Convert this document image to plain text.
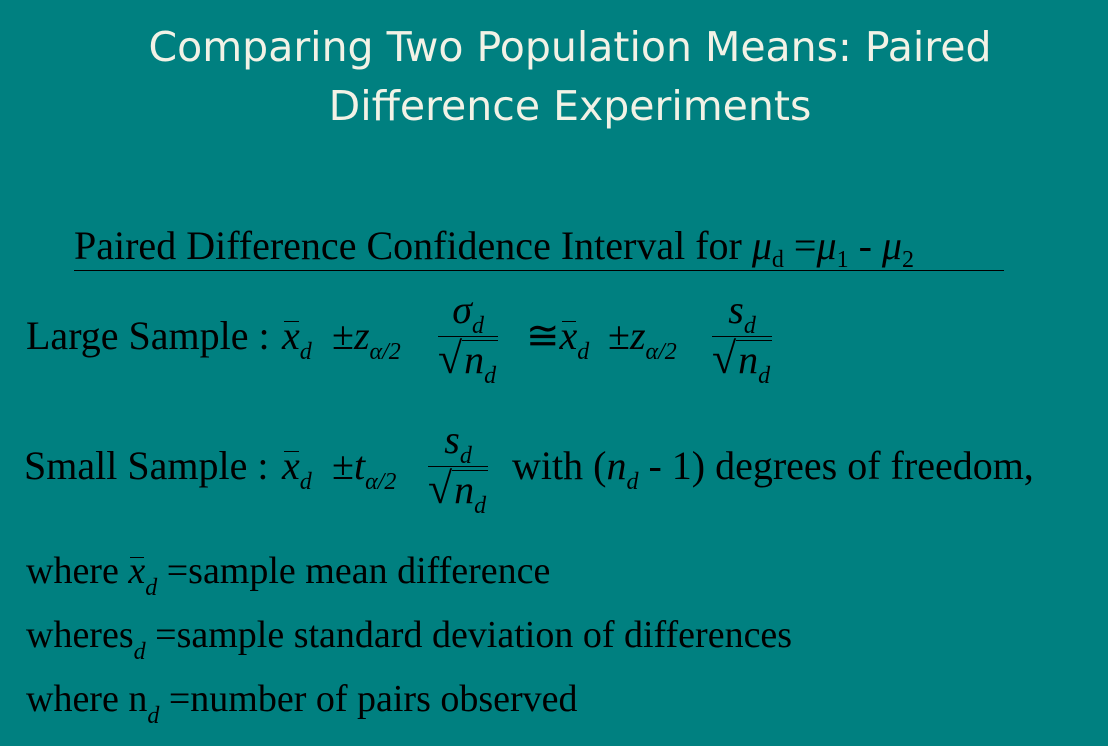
Comparing Two Population Means: Paired Difference Experiments
Paired Difference Confidence Interval for $\mu_d =\mu_1 - \mu_2$
Large Sample : $x_d \pm z_{\alpha/2} \frac{\sigma_d}{√n_d}$ $≅x_d \pm z_{\alpha/2} \frac{s_d}{√n_d}$
Small Sample : $x_d \pm t_{\alpha/2} \frac{s_d}{√n_d}$ with $(n_d - 1)$ degrees of freedom,
where $x_d$ =sample mean difference
wheres$_d$ =sample standard deviation of differences
where $n_d$ =number of pairs observed
